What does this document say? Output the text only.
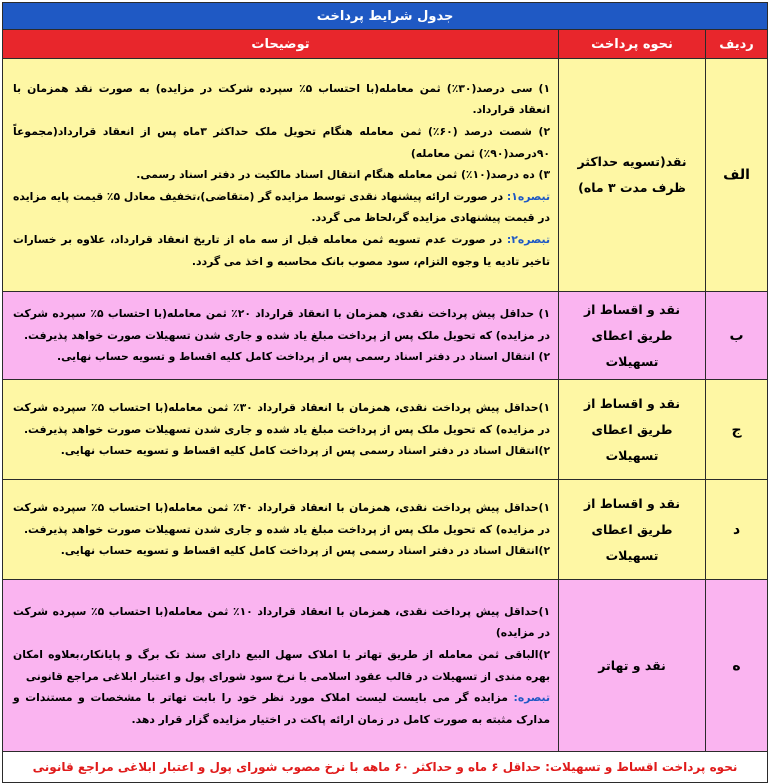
جدول شرایط پرداخت		
ردیف	نحوه پرداخت	توضیحات
الف	نقد(تسویه حداکثر ظرف مدت ۳ ماه)	۱) سی درصد(۳۰٪) ثمن معامله(با احتساب ۵٪ سپرده شرکت در مزایده) به صورت نقد همزمان با انعقاد قرارداد.

۲) شصت درصد (۶۰٪) ثمن معامله هنگام تحویل ملک حداکثر ۳ماه پس از انعقاد قرارداد(مجموعاً ۹۰درصد(۹۰٪) ثمن معامله)

۳) ده درصد(۱۰٪) ثمن معامله هنگام انتقال اسناد مالکیت در دفتر اسناد رسمی.

تبصره۱: در صورت ارائه پیشنهاد نقدی توسط مزایده گر (متقاضی)،تخفیف معادل ۵٪ قیمت پایه مزایده در قیمت پیشنهادی مزایده گر،لحاظ می گردد.

تبصره۲: در صورت عدم تسویه ثمن معامله قبل از سه ماه از تاریخ انعقاد قرارداد، علاوه بر خسارات تاخیر تادیه یا وجوه التزام، سود مصوب بانک محاسبه و اخذ می گردد.

ب	نقد و اقساط از طریق اعطای تسهیلات	۱) حداقل پیش پرداخت نقدی، همزمان با انعقاد قرارداد ۲۰٪ ثمن معامله(با احتساب ۵٪ سپرده شرکت در مزایده) که تحویل ملک پس از پرداخت مبلغ یاد شده و جاری شدن تسهیلات صورت خواهد پذیرفت.

۲) انتقال اسناد در دفتر اسناد رسمی پس از پرداخت کامل کلیه اقساط و تسویه حساب نهایی.

ج	نقد و اقساط از طریق اعطای تسهیلات	۱)حداقل پیش پرداخت نقدی، همزمان با انعقاد قرارداد ۳۰٪ ثمن معامله(با احتساب ۵٪ سپرده شرکت در مزایده) که تحویل ملک پس از پرداخت مبلغ یاد شده و جاری شدن تسهیلات صورت خواهد پذیرفت.

۲)انتقال اسناد در دفتر اسناد رسمی پس از پرداخت کامل کلیه اقساط و تسویه حساب نهایی.

د	نقد و اقساط از طریق اعطای تسهیلات	۱)حداقل پیش پرداخت نقدی، همزمان با انعقاد قرارداد ۴۰٪ ثمن معامله(با احتساب ۵٪ سپرده شرکت در مزایده) که تحویل ملک پس از پرداخت مبلغ یاد شده و جاری شدن تسهیلات صورت خواهد پذیرفت.

۲)انتقال اسناد در دفتر اسناد رسمی پس از پرداخت کامل کلیه اقساط و تسویه حساب نهایی.

ه	نقد و تهاتر	۱)حداقل پیش پرداخت نقدی، همزمان با انعقاد قرارداد ۱۰٪ ثمن معامله(با احتساب ۵٪ سپرده شرکت در مزایده)

۲)الباقی ثمن معامله از طریق تهاتر با املاک سهل البیع دارای سند تک برگ و پایانکار،بعلاوه امکان بهره مندی از تسهیلات در قالب عقود اسلامی با نرخ سود شورای پول و اعتبار ابلاغی مراجع قانونی

تبصره: مزایده گر می بایست لیست املاک مورد نظر خود را بابت تهاتر با مشخصات و مستندات و مدارک مثبته به صورت کامل در زمان ارائه پاکت در اختیار مزایده گزار قرار دهد.

نحوه پرداخت اقساط و تسهیلات: حداقل ۶ ماه و حداکثر ۶۰ ماهه با نرخ مصوب شورای پول و اعتبار ابلاغی مراجع قانونی		
